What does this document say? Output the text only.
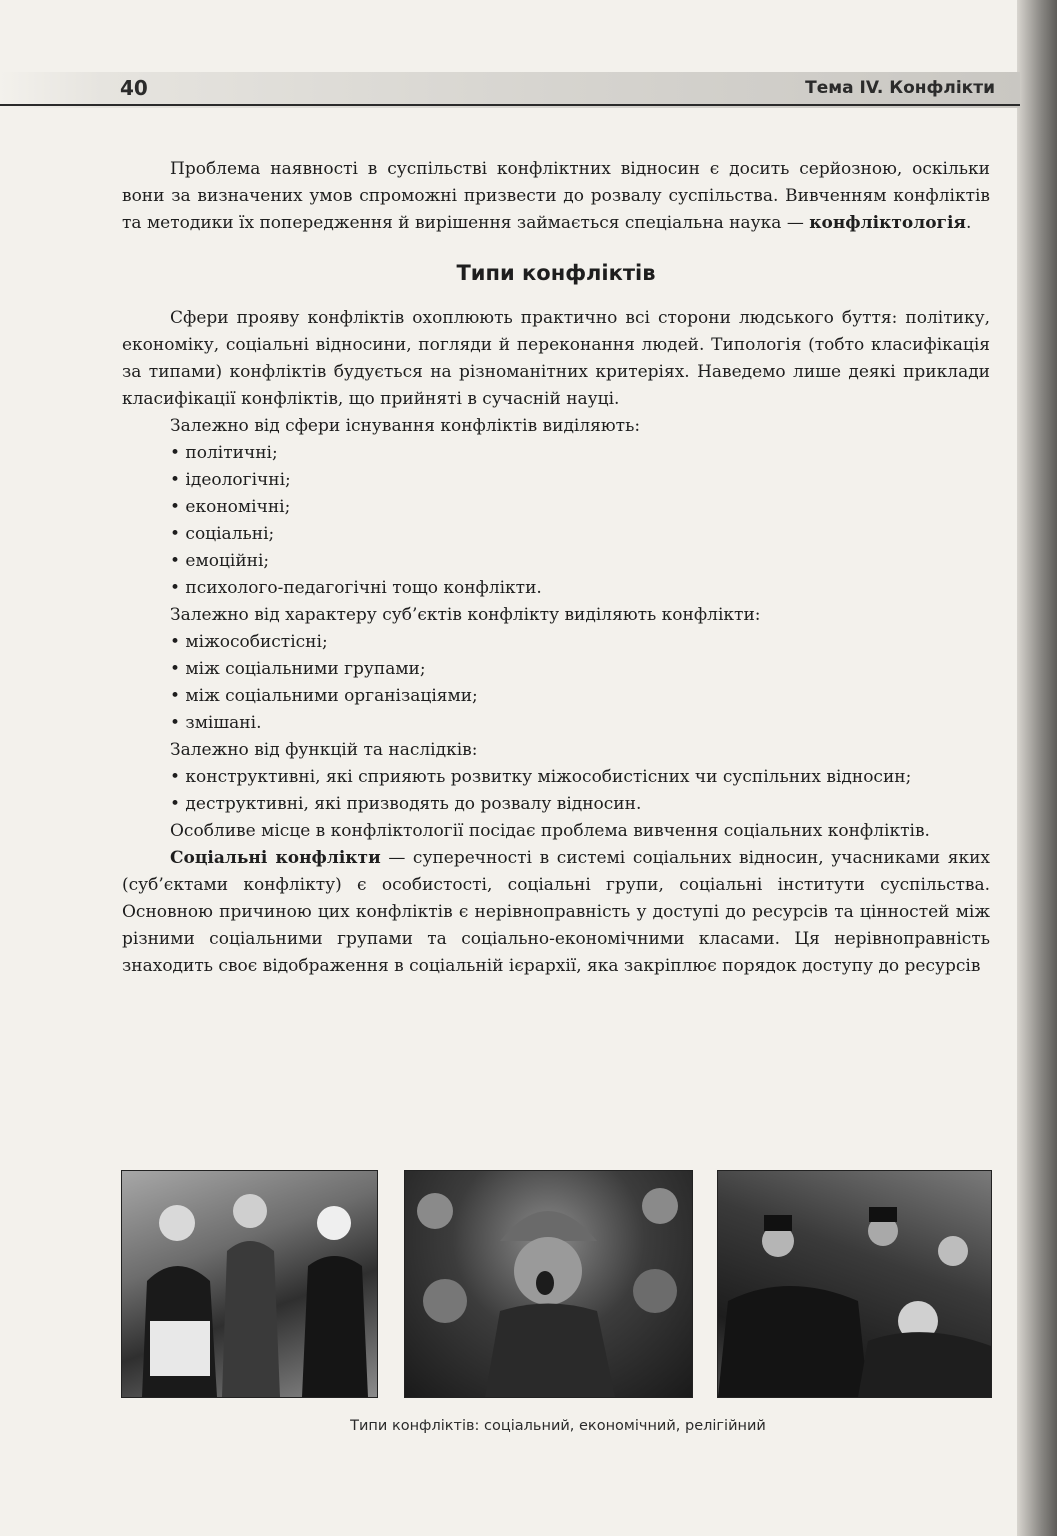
40	Тема IV. Конфлікти

Проблема наявності в суспільстві конфліктних відносин є досить серйозною, оскільки вони за визначених умов спроможні призвести до розвалу суспільства. Вивченням конфліктів та методики їх попередження й вирішення займається спеціальна наука — конфліктологія.

Типи конфліктів

Сфери прояву конфліктів охоплюють практично всі сторони людського буття: політику, економіку, соціальні відносини, погляди й переконання людей. Типологія (тобто класифікація за типами) конфліктів будується на різноманітних критеріях. Наведемо лише деякі приклади класифікації конфліктів, що прийняті в сучасній науці.

Залежно від сфери існування конфліктів виділяють:

• політичні;
• ідеологічні;
• економічні;
• соціальні;
• емоційні;
• психолого-педагогічні тощо конфлікти.

Залежно від характеру суб’єктів конфлікту виділяють конфлікти:

• міжособистісні;
• між соціальними групами;
• між соціальними організаціями;
• змішані.

Залежно від функцій та наслідків:

• конструктивні, які сприяють розвитку міжособистісних чи суспільних відносин;
• деструктивні, які призводять до розвалу відносин.

Особливе місце в конфліктології посідає проблема вивчення соціальних конфліктів.

Соціальні конфлікти — суперечності в системі соціальних відносин, учасниками яких (суб’єктами конфлікту) є особистості, соціальні групи, соціальні інститути суспільства. Основною причиною цих конфліктів є нерівноправність у доступі до ресурсів та цінностей між різними соціальними групами та соціально-економічними класами. Ця нерівноправність знаходить своє відображення в соціальній ієрархії, яка закріплює порядок доступу до ресурсів

Типи конфліктів: соціальний, економічний, релігійний
